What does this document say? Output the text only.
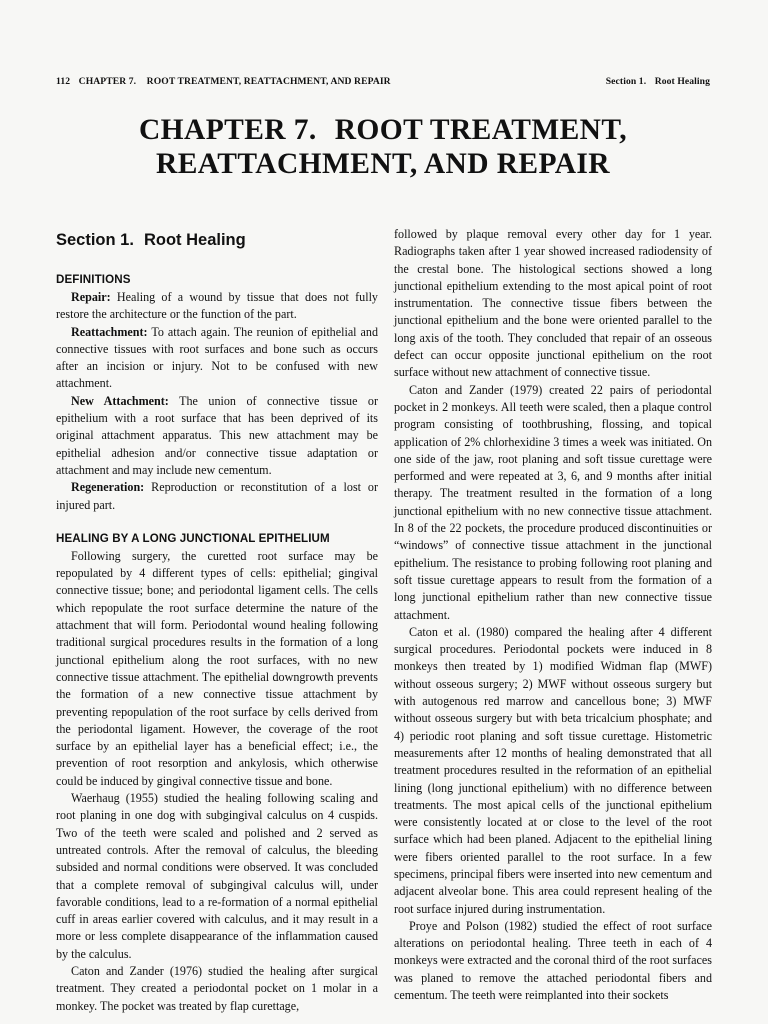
112 CHAPTER 7. ROOT TREATMENT, REATTACHMENT, AND REPAIR	Section 1. Root Healing
CHAPTER 7. ROOT TREATMENT,
REATTACHMENT, AND REPAIR
Section 1. Root Healing
DEFINITIONS

Repair: Healing of a wound by tissue that does not fully restore the architecture or the function of the part.

Reattachment: To attach again. The reunion of epithelial and connective tissues with root surfaces and bone such as occurs after an incision or injury. Not to be confused with new attachment.

New Attachment: The union of connective tissue or epithelium with a root surface that has been deprived of its original attachment apparatus. This new attachment may be epithelial adhesion and/or connective tissue adaptation or attachment and may include new cementum.

Regeneration: Reproduction or reconstitution of a lost or injured part.

HEALING BY A LONG JUNCTIONAL EPITHELIUM

Following surgery, the curetted root surface may be repopulated by 4 different types of cells: epithelial; gingival connective tissue; bone; and periodontal ligament cells. The cells which repopulate the root surface determine the nature of the attachment that will form. Periodontal wound healing following traditional surgical procedures results in the formation of a long junctional epithelium along the root surfaces, with no new connective tissue attachment. The epithelial downgrowth prevents the formation of a new connective tissue attachment by preventing repopulation of the root surface by cells derived from the periodontal ligament. However, the coverage of the root surface by an epithelial layer has a beneficial effect; i.e., the prevention of root resorption and ankylosis, which otherwise could be induced by gingival connective tissue and bone.

Waerhaug (1955) studied the healing following scaling and root planing in one dog with subgingival calculus on 4 cuspids. Two of the teeth were scaled and polished and 2 served as untreated controls. After the removal of calculus, the bleeding subsided and normal conditions were observed. It was concluded that a complete removal of subgingival calculus will, under favorable conditions, lead to a re-formation of a normal epithelial cuff in areas earlier covered with calculus, and it may result in a more or less complete disappearance of the inflammation caused by the calculus.

Caton and Zander (1976) studied the healing after surgical treatment. They created a periodontal pocket on 1 molar in a monkey. The pocket was treated by flap curettage,

followed by plaque removal every other day for 1 year. Radiographs taken after 1 year showed increased radiodensity of the crestal bone. The histological sections showed a long junctional epithelium extending to the most apical point of root instrumentation. The connective tissue fibers between the junctional epithelium and the bone were oriented parallel to the long axis of the tooth. They concluded that repair of an osseous defect can occur opposite junctional epithelium on the root surface without new attachment of connective tissue.

Caton and Zander (1979) created 22 pairs of periodontal pocket in 2 monkeys. All teeth were scaled, then a plaque control program consisting of toothbrushing, flossing, and topical application of 2% chlorhexidine 3 times a week was initiated. On one side of the jaw, root planing and soft tissue curettage were performed and were repeated at 3, 6, and 9 months after initial therapy. The treatment resulted in the formation of a long junctional epithelium with no new connective tissue attachment. In 8 of the 22 pockets, the procedure produced discontinuities or “windows” of connective tissue attachment in the junctional epithelium. The resistance to probing following root planing and soft tissue curettage appears to result from the formation of a long junctional epithelium rather than new connective tissue attachment.

Caton et al. (1980) compared the healing after 4 different surgical procedures. Periodontal pockets were induced in 8 monkeys then treated by 1) modified Widman flap (MWF) without osseous surgery; 2) MWF without osseous surgery but with autogenous red marrow and cancellous bone; 3) MWF without osseous surgery but with beta tricalcium phosphate; and 4) periodic root planing and soft tissue curettage. Histometric measurements after 12 months of healing demonstrated that all treatment procedures resulted in the reformation of an epithelial lining (long junctional epithelium) with no difference between treatments. The most apical cells of the junctional epithelium were consistently located at or close to the level of the root surface which had been planed. Adjacent to the epithelial lining were fibers oriented parallel to the root surface. In a few specimens, principal fibers were inserted into new cementum and adjacent alveolar bone. This area could represent healing of the root surface injured during instrumentation.

Proye and Polson (1982) studied the effect of root surface alterations on periodontal healing. Three teeth in each of 4 monkeys were extracted and the coronal third of the root surfaces was planed to remove the attached periodontal fibers and cementum. The teeth were reimplanted into their sockets
